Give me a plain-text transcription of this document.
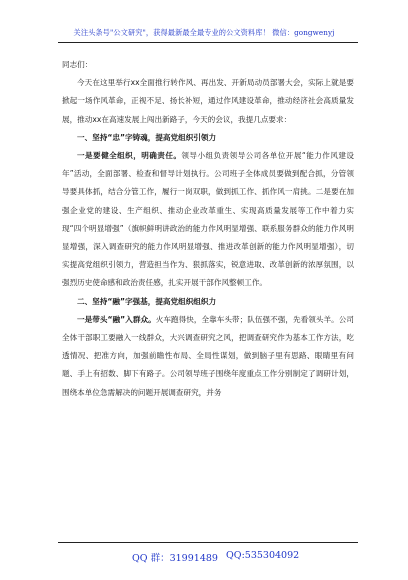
关注头条号"公文研究"，获得最新最全最专业的公文资料库！ 微信：gongwenyj

同志们：

今天在这里举行xx全面推行转作风、再出发、开新局动员部署大会，实际上就是要掀起一场作风革命，正视不足、扬长补短，通过作风建设革命，推动经济社会高质量发展，推动xx在高速发展上闯出新路子，今天的会议，我提几点要求：

一、坚持“忠”字铸魂，提高党组织引领力

一是要健全组织，明确责任。领导小组负责领导公司各单位开展“能力作风建设年”活动，全面部署、检查和督导计划执行。公司班子全体成员要做到配合抓，分管领导要具体抓，结合分管工作，履行一岗双职，做到抓工作、抓作风一肩挑。二是要在加强企业党的建设、生产组织、推动企业改革重生、实现高质量发展等工作中着力实现“四个明显增强”（旗帜鲜明讲政治的能力作风明显增强、联系服务群众的能力作风明显增强，深入调查研究的能力作风明显增强、推进改革创新的能力作风明显增强），切实提高党组织引领力，营造担当作为、狠抓落实，锐意进取、改革创新的浓厚氛围，以强烈历史使命感和政治责任感，扎实开展干部作风整顿工作。

二、坚持“融”字强基，提高党组织组织力

一是带头“融”入群众。火车跑得快，全靠车头带；队伍强不强，先看领头羊。公司全体干部职工要融入一线群众，大兴调查研究之风，把调查研究作为基本工作方法，吃透情况、把准方向，加强前瞻性布局、全局性谋划，做到脑子里有思路、眼睛里有问题、手上有招数、脚下有路子。公司领导班子围绕年度重点工作分别制定了调研计划，围绕本单位急需解决的问题开展调查研究，并务

QQ 群：31991489 QQ:535304092
